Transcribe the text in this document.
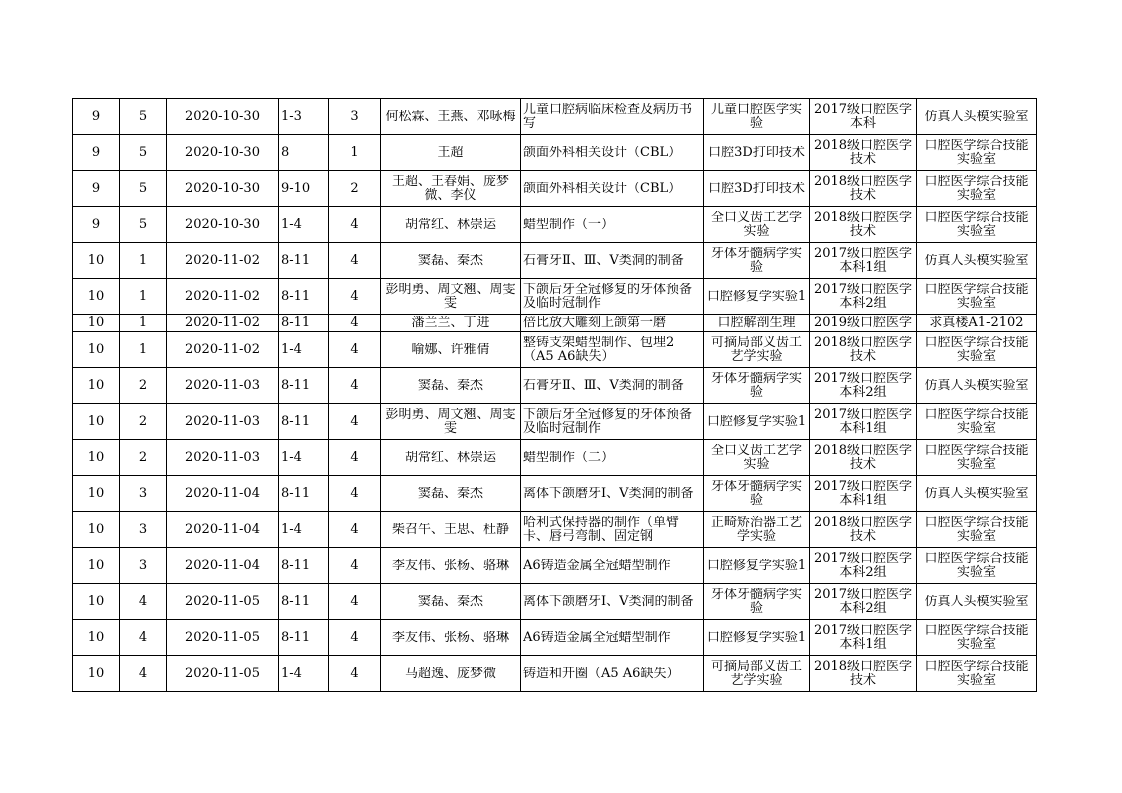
9	5	2020-10-30	1-3	3	何松霖、王燕、邓咏梅	儿童口腔病临床检查及病历书写	儿童口腔医学实验	2017级口腔医学本科	仿真人头模实验室

9	5	2020-10-30	8	1	王超	颌面外科相关设计（CBL）	口腔3D打印技术	2018级口腔医学技术	口腔医学综合技能实验室

9	5	2020-10-30	9-10	2	王超、王春娟、庞梦微、李仪	颌面外科相关设计（CBL）	口腔3D打印技术	2018级口腔医学技术	口腔医学综合技能实验室

9	5	2020-10-30	1-4	4	胡常红、林崇运	蜡型制作（一）	全口义齿工艺学实验	2018级口腔医学技术	口腔医学综合技能实验室

10	1	2020-11-02	8-11	4	窦磊、秦杰	石膏牙Ⅱ、Ⅲ、Ⅴ类洞的制备	牙体牙髓病学实验	2017级口腔医学本科1组	仿真人头模实验室

10	1	2020-11-02	8-11	4	彭明勇、周文翘、周雯雯	下颌后牙全冠修复的牙体预备及临时冠制作	口腔修复学实验1	2017级口腔医学本科2组	口腔医学综合技能实验室

10	1	2020-11-02	8-11	4	潘兰兰、丁进	倍比放大雕刻上颌第一磨	口腔解剖生理	2019级口腔医学	求真楼A1-2102

10	1	2020-11-02	1-4	4	喻娜、许雅倩	整铸支架蜡型制作、包埋2（A5 A6缺失）	可摘局部义齿工艺学实验	2018级口腔医学技术	口腔医学综合技能实验室

10	2	2020-11-03	8-11	4	窦磊、秦杰	石膏牙Ⅱ、Ⅲ、Ⅴ类洞的制备	牙体牙髓病学实验	2017级口腔医学本科2组	仿真人头模实验室

10	2	2020-11-03	8-11	4	彭明勇、周文翘、周雯雯	下颌后牙全冠修复的牙体预备及临时冠制作	口腔修复学实验1	2017级口腔医学本科1组	口腔医学综合技能实验室

10	2	2020-11-03	1-4	4	胡常红、林崇运	蜡型制作（二）	全口义齿工艺学实验	2018级口腔医学技术	口腔医学综合技能实验室

10	3	2020-11-04	8-11	4	窦磊、秦杰	离体下颌磨牙Ⅰ、Ⅴ类洞的制备	牙体牙髓病学实验	2017级口腔医学本科1组	仿真人头模实验室

10	3	2020-11-04	1-4	4	柴召午、王思、杜静	哈利式保持器的制作（单臂卡、唇弓弯制、固定钢	正畸矫治器工艺学实验	2018级口腔医学技术	口腔医学综合技能实验室

10	3	2020-11-04	8-11	4	李友伟、张杨、骆琳	A6铸造金属全冠蜡型制作	口腔修复学实验1	2017级口腔医学本科2组	口腔医学综合技能实验室

10	4	2020-11-05	8-11	4	窦磊、秦杰	离体下颌磨牙Ⅰ、Ⅴ类洞的制备	牙体牙髓病学实验	2017级口腔医学本科2组	仿真人头模实验室

10	4	2020-11-05	8-11	4	李友伟、张杨、骆琳	A6铸造金属全冠蜡型制作	口腔修复学实验1	2017级口腔医学本科1组	口腔医学综合技能实验室

10	4	2020-11-05	1-4	4	马超逸、庞梦微	铸造和开圈（A5 A6缺失）	可摘局部义齿工艺学实验	2018级口腔医学技术	口腔医学综合技能实验室
